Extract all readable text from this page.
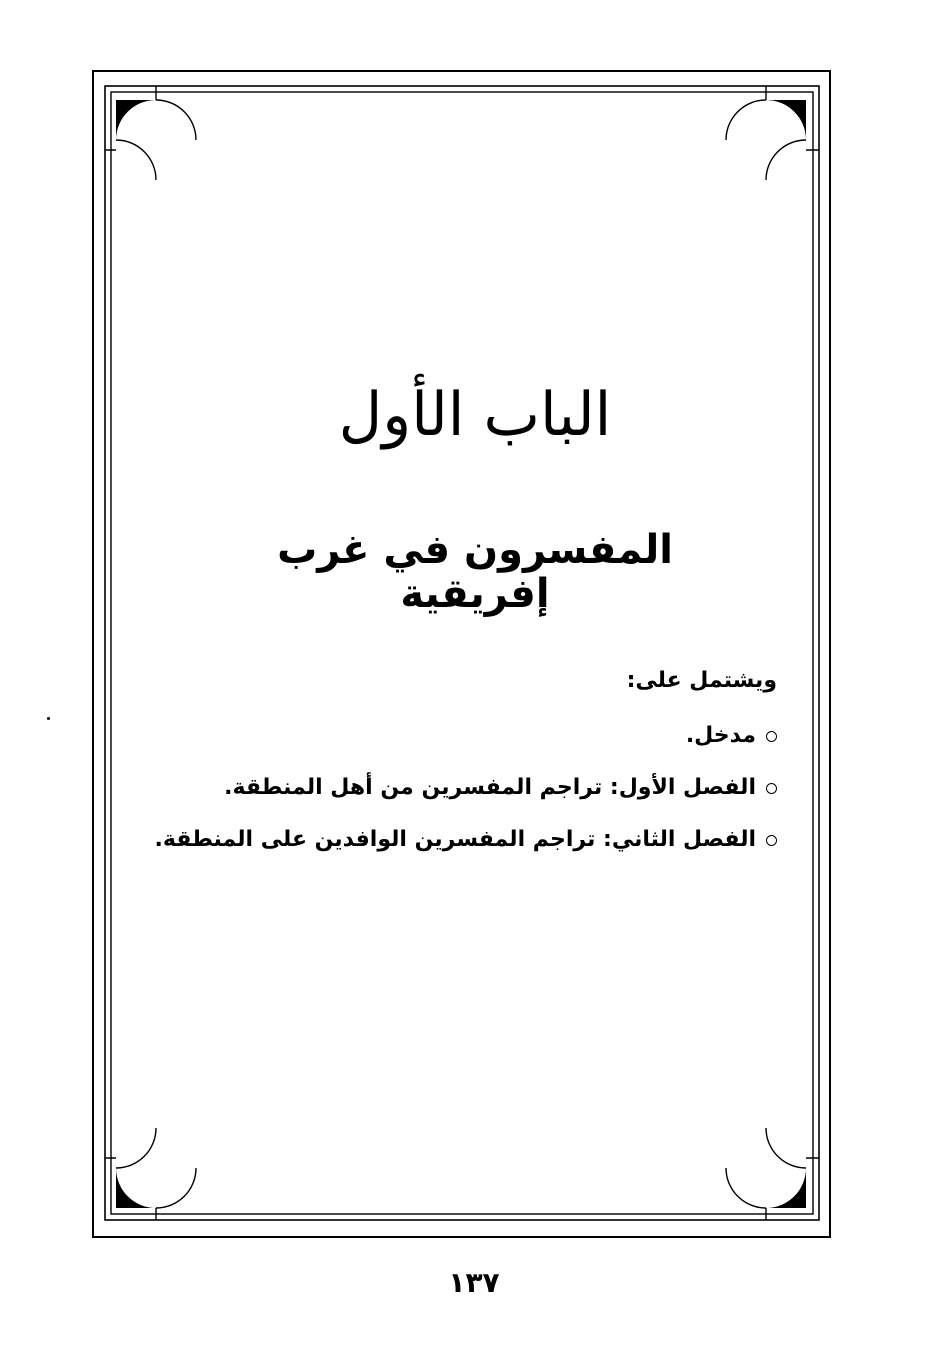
الباب الأول
المفسرون في غرب إفريقية
ويشتمل على:
مدخل.
الفصل الأول: تراجم المفسرين من أهل المنطقة.
الفصل الثاني: تراجم المفسرين الوافدين على المنطقة.
١٣٧
